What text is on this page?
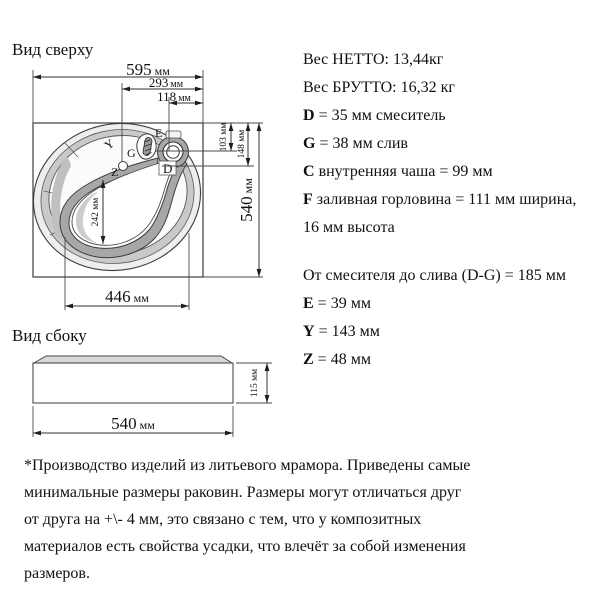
Вид сверху
Вид сбоку
Y
G
Z
E
D
595 мм
293 мм
118 мм
103 мм 148 мм
540мм
242 мм
446 мм
115 мм
540 мм
Вес НЕТТО: 13,44кг
Вес БРУТТО: 16,32 кг
D = 35 мм смеситель
G = 38 мм слив
C внутренняя чаша = 99 мм
F заливная горловина = 111 мм ширина,
16 мм высота
От смесителя до слива (D-G) = 185 мм
E = 39 мм
Y = 143 мм
Z = 48 мм
*Производство изделий из литьевого мрамора. Приведены самые
минимальные размеры раковин. Размеры могут отличаться друг
от друга на +\- 4 мм, это связано с тем, что у композитных
материалов есть свойства усадки, что влечёт за собой изменения
размеров.
